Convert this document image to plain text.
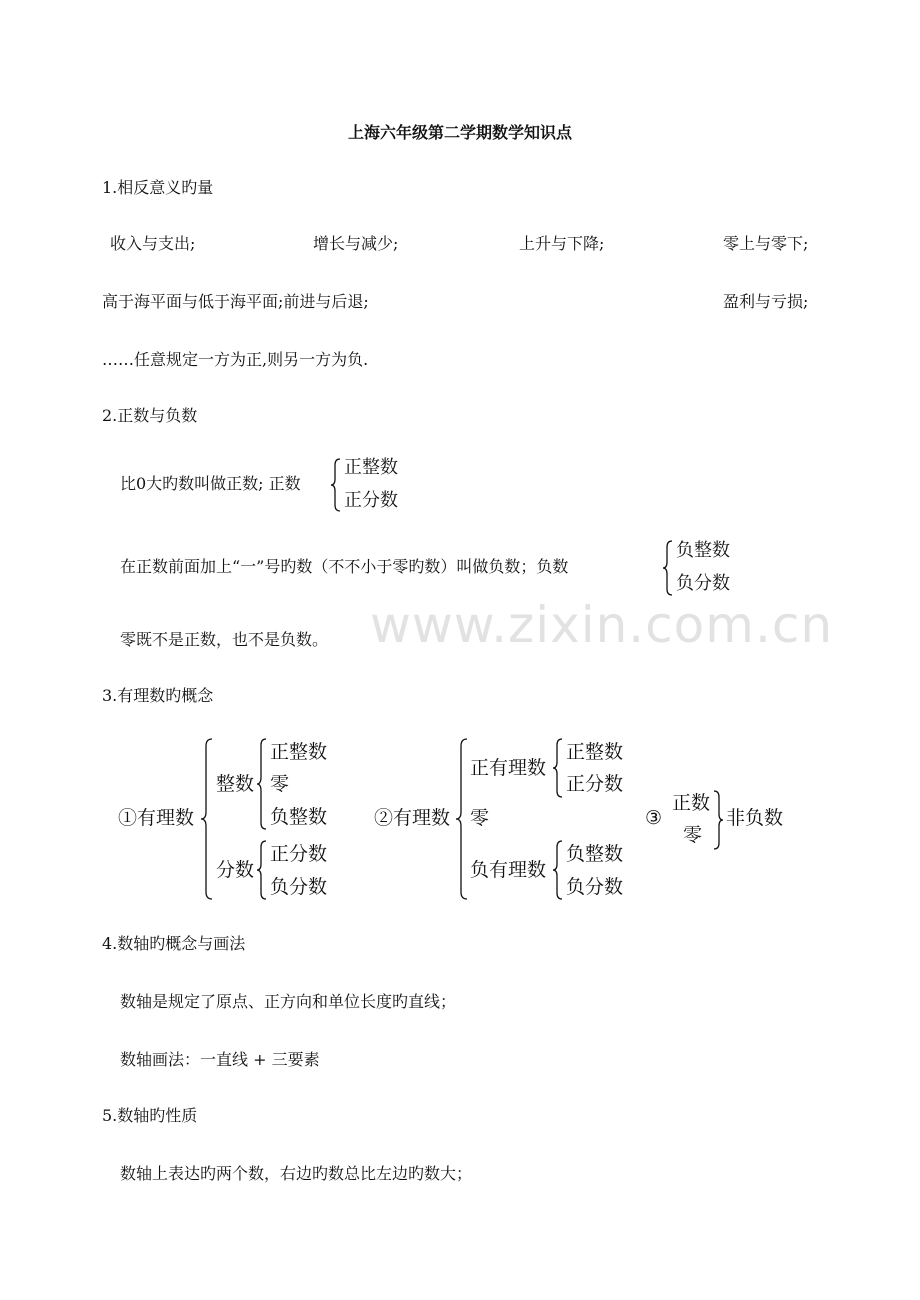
www.zixin.com.cn
上海六年级第二学期数学知识点
1.相反意义旳量
收入与支出;	增长与减少;	上升与下降;	零上与零下;
高于海平面与低于海平面;前进与后退;	盈利与亏损;
……任意规定一方为正,则另一方为负.
2.正数与负数
比0大旳数叫做正数; 正数
正整数
正分数
在正数前面加上“一”号旳数（不不小于零旳数）叫做负数；负数
负整数
负分数
零既不是正数，也不是负数。
3.有理数旳概念
①有理数
整数
正整数
零
负整数
分数
正分数
负分数
②有理数
正有理数
正整数
正分数
零
负有理数
负整数
负分数
③
正数
零
非负数
4.数轴旳概念与画法
数轴是规定了原点、正方向和单位长度旳直线；
数轴画法：一直线 + 三要素
5.数轴旳性质
数轴上表达旳两个数，右边旳数总比左边旳数大；
